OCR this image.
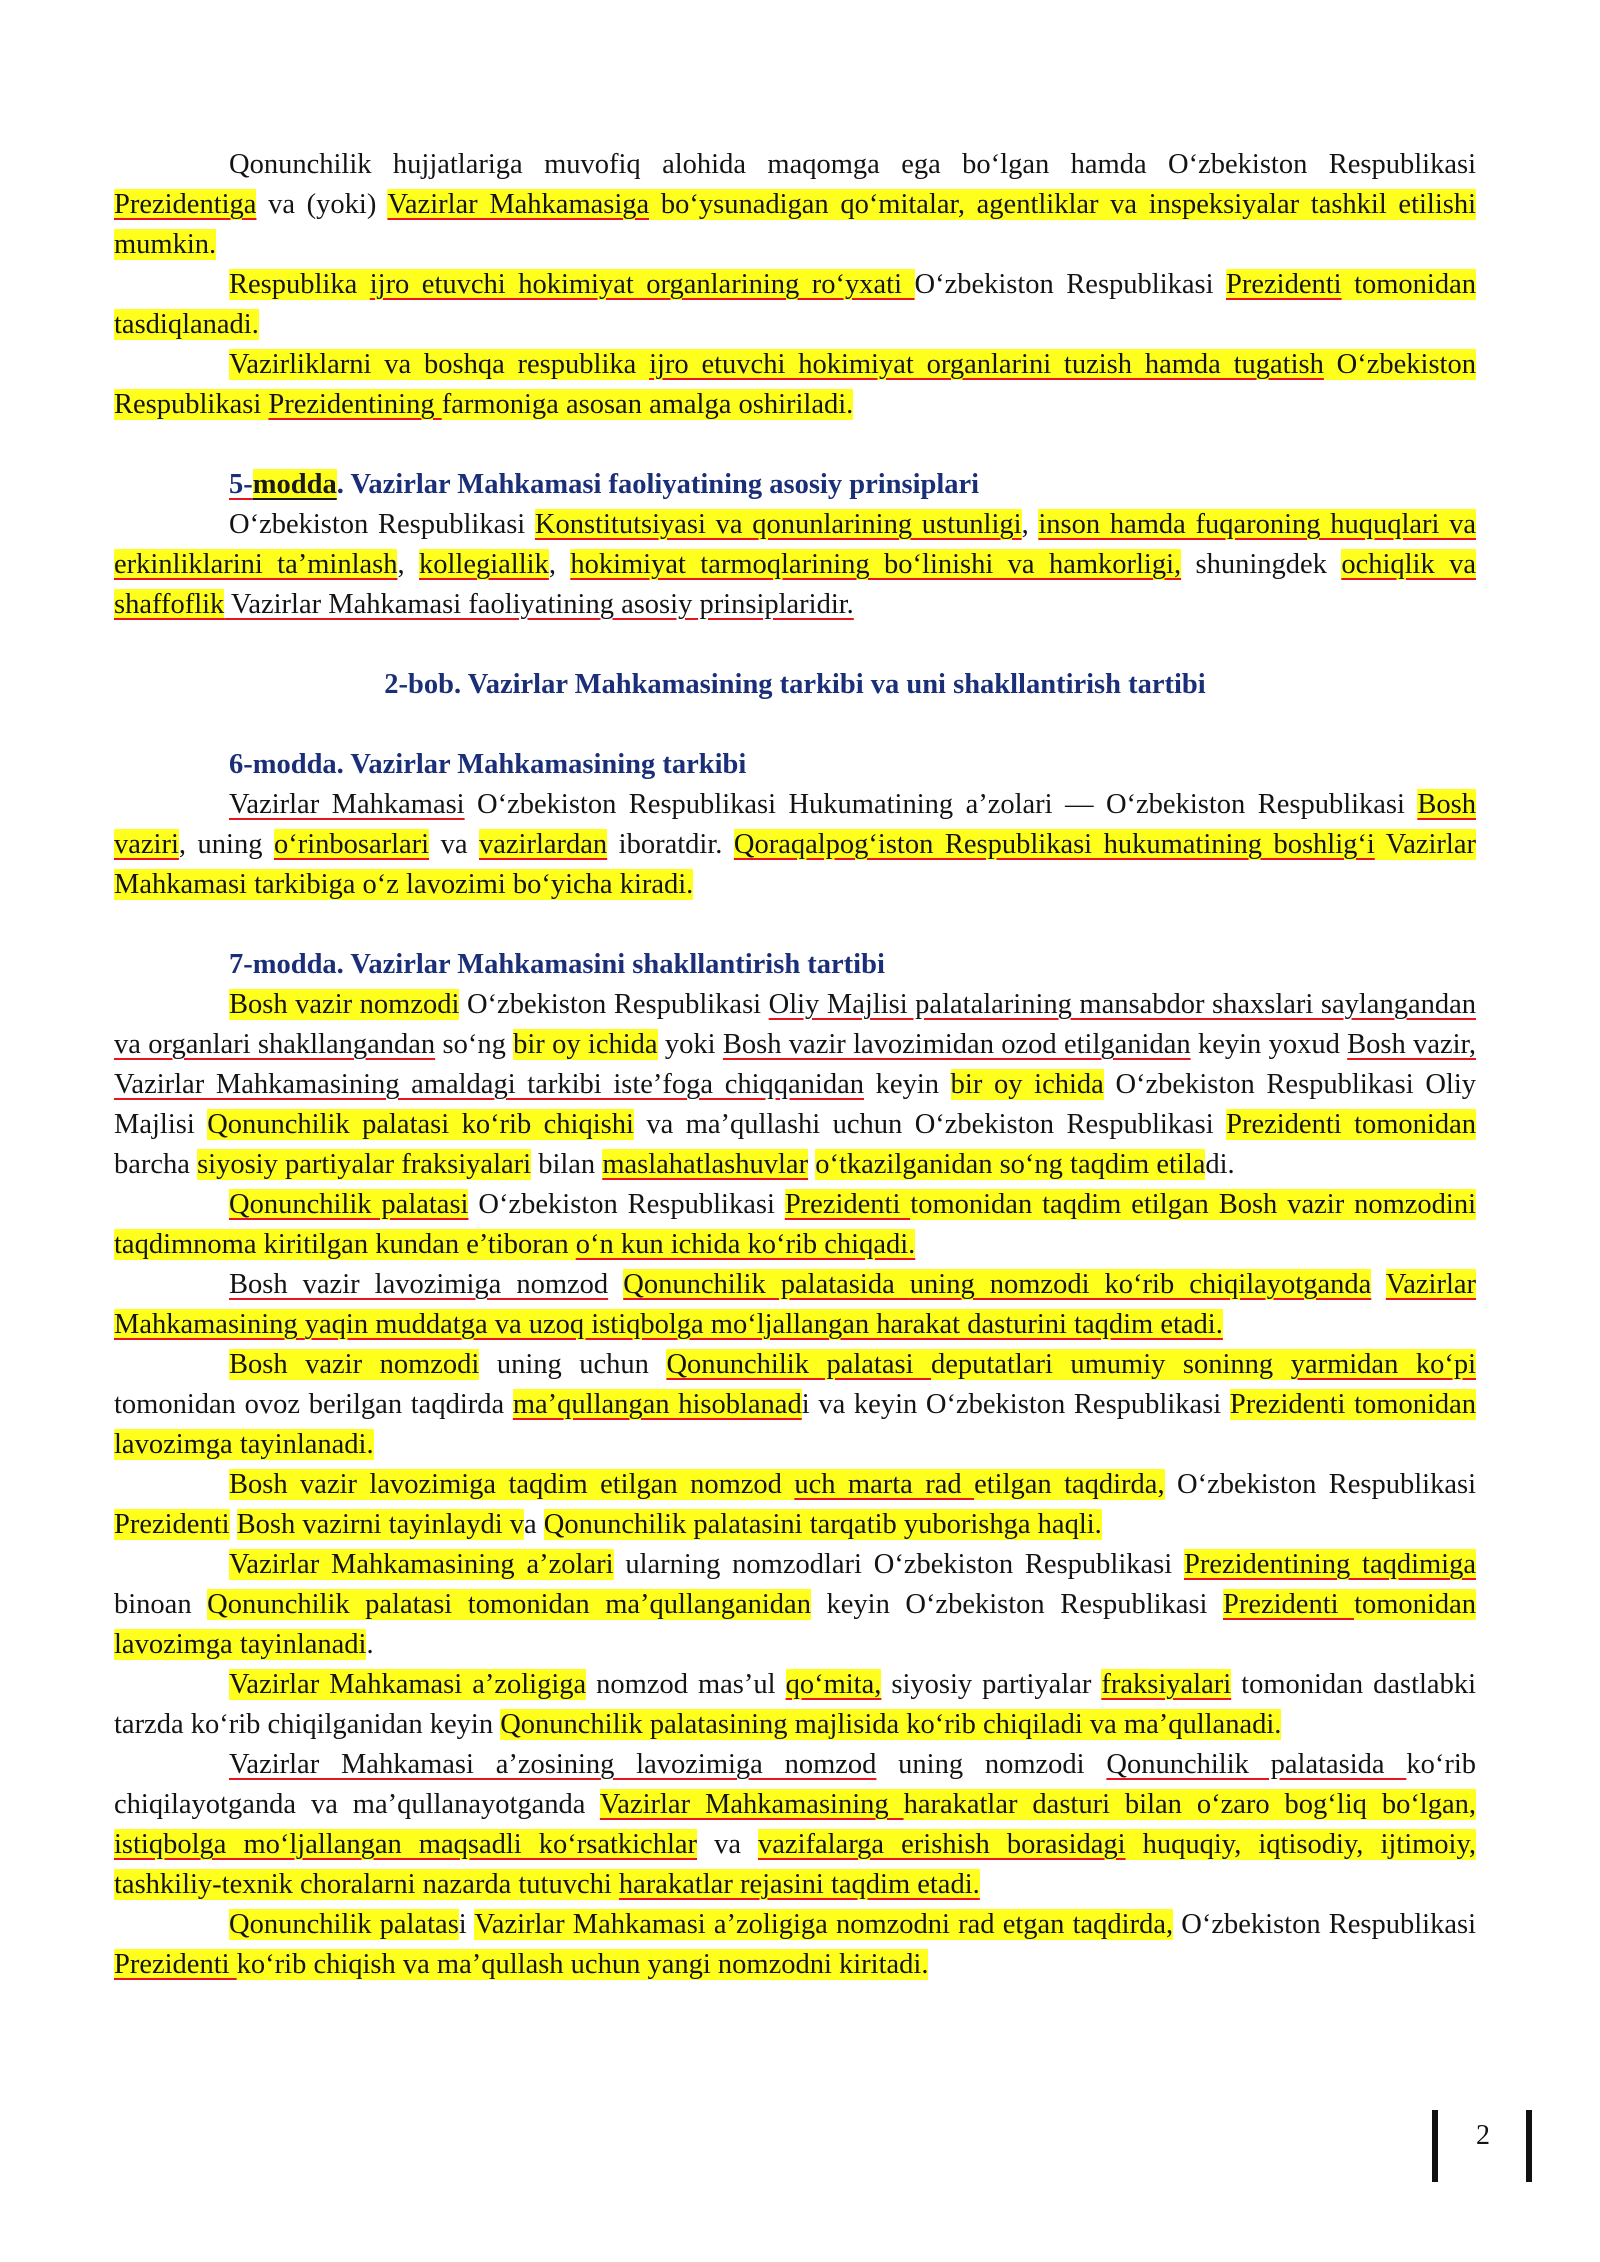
Qonunchilik hujjatlariga muvofiq alohida maqomga ega boʻlgan hamda Oʻzbekiston Respublikasi Prezidentiga va (yoki) Vazirlar Mahkamasiga boʻysunadigan qoʻmitalar, agentliklar va inspeksiyalar tashkil etilishi mumkin.

Respublika ijro etuvchi hokimiyat organlarining roʻyxati Oʻzbekiston Respublikasi Prezidenti tomonidan tasdiqlanadi.

Vazirliklarni va boshqa respublika ijro etuvchi hokimiyat organlarini tuzish hamda tugatish Oʻzbekiston Respublikasi Prezidentining farmoniga asosan amalga oshiriladi.

5-modda. Vazirlar Mahkamasi faoliyatining asosiy prinsiplari

Oʻzbekiston Respublikasi Konstitutsiyasi va qonunlarining ustunligi, inson hamda fuqaroning huquqlari va erkinliklarini ta’minlash, kollegiallik, hokimiyat tarmoqlarining boʻlinishi va hamkorligi, shuningdek ochiqlik va shaffoflik Vazirlar Mahkamasi faoliyatining asosiy prinsiplaridir.

2-bob. Vazirlar Mahkamasining tarkibi va uni shakllantirish tartibi

6-modda. Vazirlar Mahkamasining tarkibi

Vazirlar Mahkamasi Oʻzbekiston Respublikasi Hukumatining a’zolari — Oʻzbekiston Respublikasi Bosh vaziri, uning oʻrinbosarlari va vazirlardan iboratdir. Qoraqalpogʻiston Respublikasi hukumatining boshligʻi Vazirlar Mahkamasi tarkibiga oʻz lavozimi boʻyicha kiradi.

7-modda. Vazirlar Mahkamasini shakllantirish tartibi

Bosh vazir nomzodi Oʻzbekiston Respublikasi Oliy Majlisi palatalarining mansabdor shaxslari saylangandan va organlari shakllangandan soʻng bir oy ichida yoki Bosh vazir lavozimidan ozod etilganidan keyin yoxud Bosh vazir, Vazirlar Mahkamasining amaldagi tarkibi iste’foga chiqqanidan keyin bir oy ichida Oʻzbekiston Respublikasi Oliy Majlisi Qonunchilik palatasi koʻrib chiqishi va ma’qullashi uchun Oʻzbekiston Respublikasi Prezidenti tomonidan barcha siyosiy partiyalar fraksiyalari bilan maslahatlashuvlar oʻtkazilganidan soʻng taqdim etiladi.

Qonunchilik palatasi Oʻzbekiston Respublikasi Prezidenti tomonidan taqdim etilgan Bosh vazir nomzodini taqdimnoma kiritilgan kundan e’tiboran oʻn kun ichida koʻrib chiqadi.

Bosh vazir lavozimiga nomzod Qonunchilik palatasida uning nomzodi koʻrib chiqilayotganda Vazirlar Mahkamasining yaqin muddatga va uzoq istiqbolga moʻljallangan harakat dasturini taqdim etadi.

Bosh vazir nomzodi uning uchun Qonunchilik palatasi deputatlari umumiy soninng yarmidan koʻpi tomonidan ovoz berilgan taqdirda ma’qullangan hisoblanadi va keyin Oʻzbekiston Respublikasi Prezidenti tomonidan lavozimga tayinlanadi.

Bosh vazir lavozimiga taqdim etilgan nomzod uch marta rad etilgan taqdirda, Oʻzbekiston Respublikasi Prezidenti Bosh vazirni tayinlaydi va Qonunchilik palatasini tarqatib yuborishga haqli.

Vazirlar Mahkamasining a’zolari ularning nomzodlari Oʻzbekiston Respublikasi Prezidentining taqdimiga binoan Qonunchilik palatasi tomonidan ma’qullanganidan keyin Oʻzbekiston Respublikasi Prezidenti tomonidan lavozimga tayinlanadi.

Vazirlar Mahkamasi a’zoligiga nomzod mas’ul qoʻmita, siyosiy partiyalar fraksiyalari tomonidan dastlabki tarzda koʻrib chiqilganidan keyin Qonunchilik palatasining majlisida koʻrib chiqiladi va ma’qullanadi.

Vazirlar Mahkamasi a’zosining lavozimiga nomzod uning nomzodi Qonunchilik palatasida koʻrib chiqilayotganda va ma’qullanayotganda Vazirlar Mahkamasining harakatlar dasturi bilan oʻzaro bogʻliq boʻlgan, istiqbolga moʻljallangan maqsadli koʻrsatkichlar va vazifalarga erishish borasidagi huquqiy, iqtisodiy, ijtimoiy, tashkiliy-texnik choralarni nazarda tutuvchi harakatlar rejasini taqdim etadi.

Qonunchilik palatasi Vazirlar Mahkamasi a’zoligiga nomzodni rad etgan taqdirda, Oʻzbekiston Respublikasi Prezidenti koʻrib chiqish va ma’qullash uchun yangi nomzodni kiritadi.

2
